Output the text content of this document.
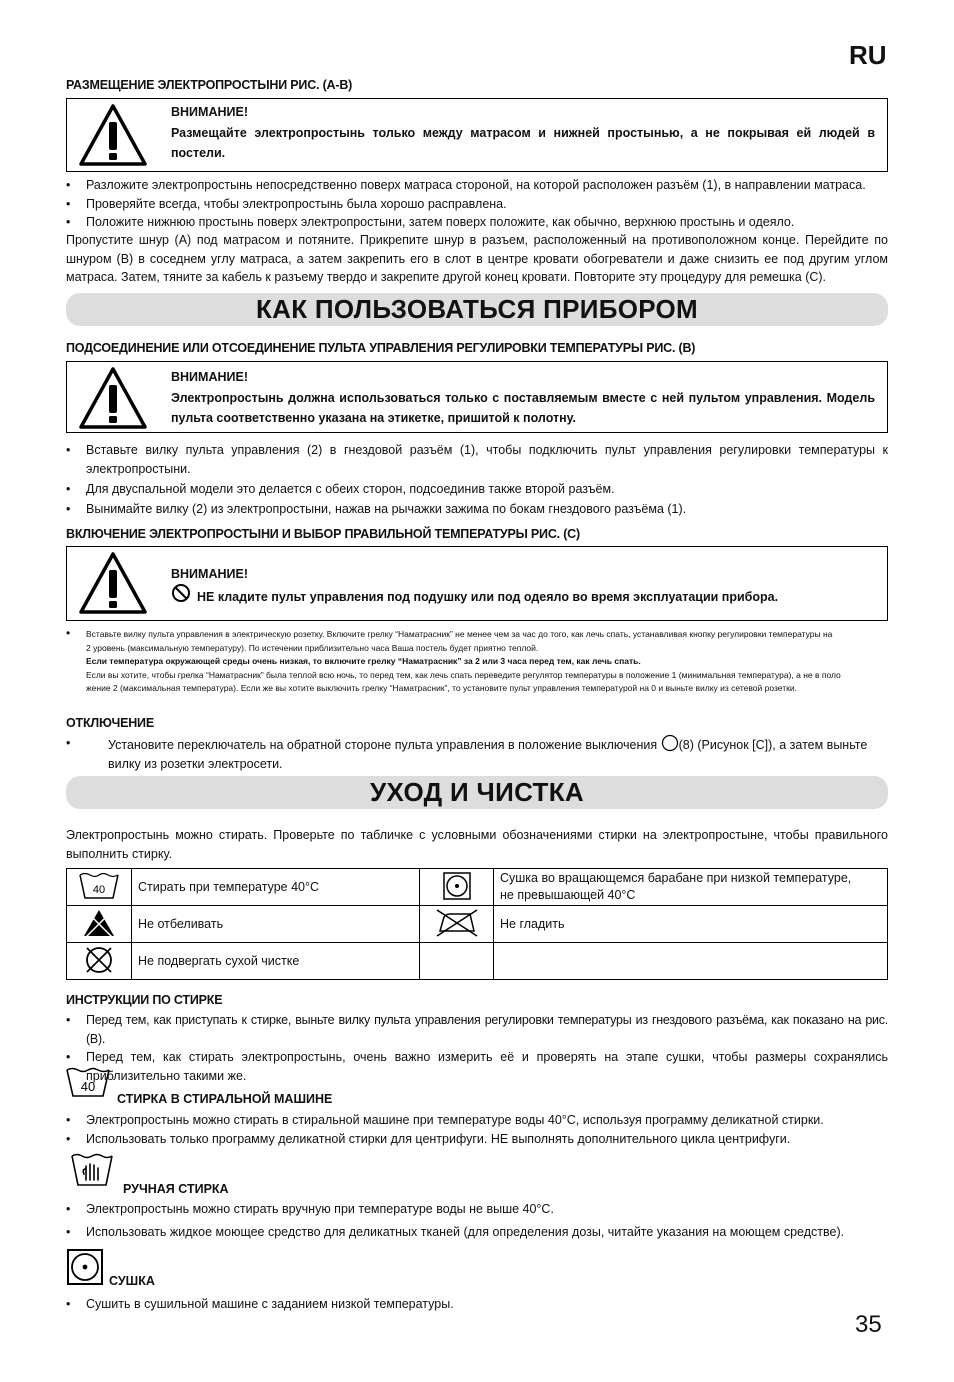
RU
35
РАЗМЕЩЕНИЕ ЭЛЕКТРОПРОСТЫНИ РИС. (А-В)
ВНИМАНИЕ!
Размещайте электропростынь только между матрасом и нижней простынью, а не покрывая ей людей в постели.
• Разложите электропростынь непосредственно поверх матраса стороной, на которой расположен разъём (1), в направлении матраса.
• Проверяйте всегда, чтобы электропростынь была хорошо расправлена.
• Положите нижнюю простынь поверх электропростыни, затем поверх положите, как обычно, верхнюю простынь и одеяло.
Пропустите шнур (А) под матрасом и потяните. Прикрепите шнур в разъем, расположенный на противоположном конце. Перейдите по шнуром (В) в соседнем углу матраса, а затем закрепить его в слот в центре кровати обогреватели и даже снизить ее под другим углом матраса. Затем, тяните за кабель к разъему твердо и закрепите другой конец кровати. Повторите эту процедуру для ремешка (С).
КАК ПОЛЬЗОВАТЬСЯ ПРИБОРОМ
ПОДСОЕДИНЕНИЕ ИЛИ ОТСОЕДИНЕНИЕ ПУЛЬТА УПРАВЛЕНИЯ РЕГУЛИРОВКИ ТЕМПЕРАТУРЫ РИС. (В)
ВНИМАНИЕ!
Электропростынь должна использоваться только с поставляемым вместе с ней пультом управления. Модель пульта соответственно указана на этикетке, пришитой к полотну.
• Вставьте вилку пульта управления (2) в гнездовой разъём (1), чтобы подключить пульт управления регулировки температуры к электропростыни.
• Для двуспальной модели это делается с обеих сторон, подсоединив также второй разъём.
• Вынимайте вилку (2) из электропростыни, нажав на рычажки зажима по бокам гнездового разъёма (1).
ВКЛЮЧЕНИЕ ЭЛЕКТРОПРОСТЫНИ И ВЫБОР ПРАВИЛЬНОЙ ТЕМПЕРАТУРЫ РИС. (С)
ВНИМАНИЕ!
НЕ кладите пульт управления под подушку или под одеяло во время эксплуатации прибора.
• Вставьте вилку пульта управления в электрическую розетку. Включите грелку “Наматрасник” не менее чем за час до того, как лечь спать, устанавливая кнопку регулировки температуры на
2 уровень (максимальную температуру). По истечении приблизительно часа Ваша постель будет приятно теплой.
Если температура окружающей среды очень низкая, то включите грелку “Наматрасник” за 2 или 3 часа перед тем, как лечь спать.
Если вы хотите, чтобы грелка “Наматрасник” была теплой всю ночь, то перед тем, как лечь спать переведите регулятор температуры в положение 1 (минимальная температура), а не в поло
жение 2 (максимальная температура). Если же вы хотите выключить грелку “Наматрасник”, то установите пульт управления температурой на 0 и выньте вилку из сетевой розетки.
ОТКЛЮЧЕНИЕ
•	Установите переключатель на обратной стороне пульта управления в положение выключения (8) (Рисунок [C]), а затем выньте
вилку из розетки электросети.
УХОД И ЧИСТКА
Электропростынь можно стирать. Проверьте по табличке с условными обозначениями стирки на электропростыне, чтобы правильного выполнить стирку.
40	Стирать при температуре 40°С		Сушка во вращающемся барабане при низкой температуре,
не превышающей 40°С
	Не отбеливать		Не гладить
	Не подвергать сухой чистке		
ИНСТРУКЦИИ ПО СТИРКЕ
• Перед тем, как приступать к стирке, выньте вилку пульта управления регулировки температуры из гнездового разъёма, как показано на рис. (В).
• Перед тем, как стирать электропростынь, очень важно измерить её и проверять на этапе сушки, чтобы размеры сохранялись приблизительно такими же.
40
СТИРКА В СТИРАЛЬНОЙ МАШИНЕ
• Электропростынь можно стирать в стиральной машине при температуре воды 40°С, используя программу деликатной стирки.
• Использовать только программу деликатной стирки для центрифуги. НЕ выполнять дополнительного цикла центрифуги.
РУЧНАЯ СТИРКА
• Электропростынь можно стирать вручную при температуре воды не выше 40°С.
• Использовать жидкое моющее средство для деликатных тканей (для определения дозы, читайте указания на моющем средстве).
СУШКА
• Сушить в сушильной машине с заданием низкой температуры.
